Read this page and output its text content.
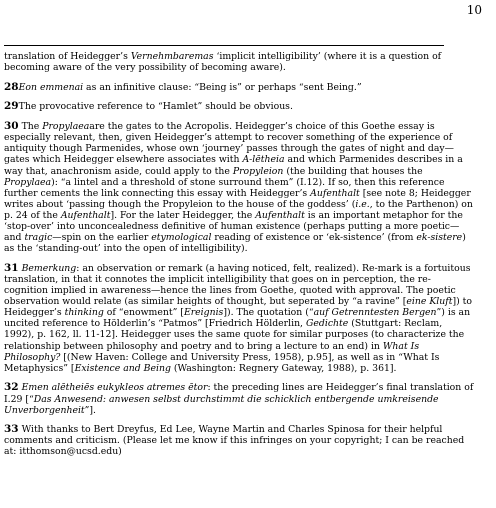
10

translation of Heidegger’s Vernehmbaremas ‘implicit intelligibility’ (where it is a question of becoming aware of the very possibility of becoming aware).

28Eon emmenai as an infinitive clause: “Being is” or perhaps “sent Being.”

29The provocative reference to “Hamlet” should be obvious.

30 The Propylaeaare the gates to the Acropolis. Heidegger’s choice of this Goethe essay is especially relevant, then, given Heidegger’s attempt to recover something of the experience of antiquity though Parmenides, whose own ‘journey’ passes through the gates of night and day—gates which Heidegger elsewhere associates with A-lētheia and which Parmenides describes in a way that, anachronism aside, could apply to the Propyleion (the building that houses the Propylaea): “a lintel and a threshold of stone surround them” (I.12). If so, then this reference further cements the link connecting this essay with Heidegger’s Aufenthalt [see note 8; Heidegger writes about ‘passing though the Propyleion to the house of the goddess’ (i.e., to the Parthenon) on p. 24 of the Aufenthalt]. For the later Heidegger, the Aufenthalt is an important metaphor for the ‘stop-over’ into unconcealedness definitive of human existence (perhaps putting a more poetic—and tragic—spin on the earlier etymological reading of existence or ‘ek-sistence’ (from ek-sistere) as the ‘standing-out’ into the open of intelligibility).

31 Bemerkung: an observation or remark (a having noticed, felt, realized). Re-mark is a fortuitous translation, in that it connotes the implicit intelligibility that goes on in perception, the re-cognition implied in awareness—hence the lines from Goethe, quoted with approval. The poetic observation would relate (as similar heights of thought, but seperated by “a ravine” [eine Kluft]) to Heidegger’s thinking of “enowment” [Ereignis]). The quotation (“auf Getrenntesten Bergen”) is an uncited reference to Hölderlin’s “Patmos” [Friedrich Hölderlin, Gedichte (Stuttgart: Reclam, 1992), p. 162, ll. 11-12]. Heidegger uses the same quote for similar purposes (to characterize the relationship between philosophy and poetry and to bring a lecture to an end) in What Is Philosophy? [(New Haven: College and University Press, 1958), p.95], as well as in “What Is Metaphysics” [Existence and Being (Washington: Regnery Gateway, 1988), p. 361].

32 Emen alētheiēs eukykleos atremes ētor: the preceding lines are Heidegger’s final translation of I.29 [“Das Anwesend: anwesen selbst durchstimmt die schicklich entbergende umkreisende Unverborgenheit”].

33 With thanks to Bert Dreyfus, Ed Lee, Wayne Martin and Charles Spinosa for their helpful comments and criticism. (Please let me know if this infringes on your copyright; I can be reached at: itthomson@ucsd.edu)
